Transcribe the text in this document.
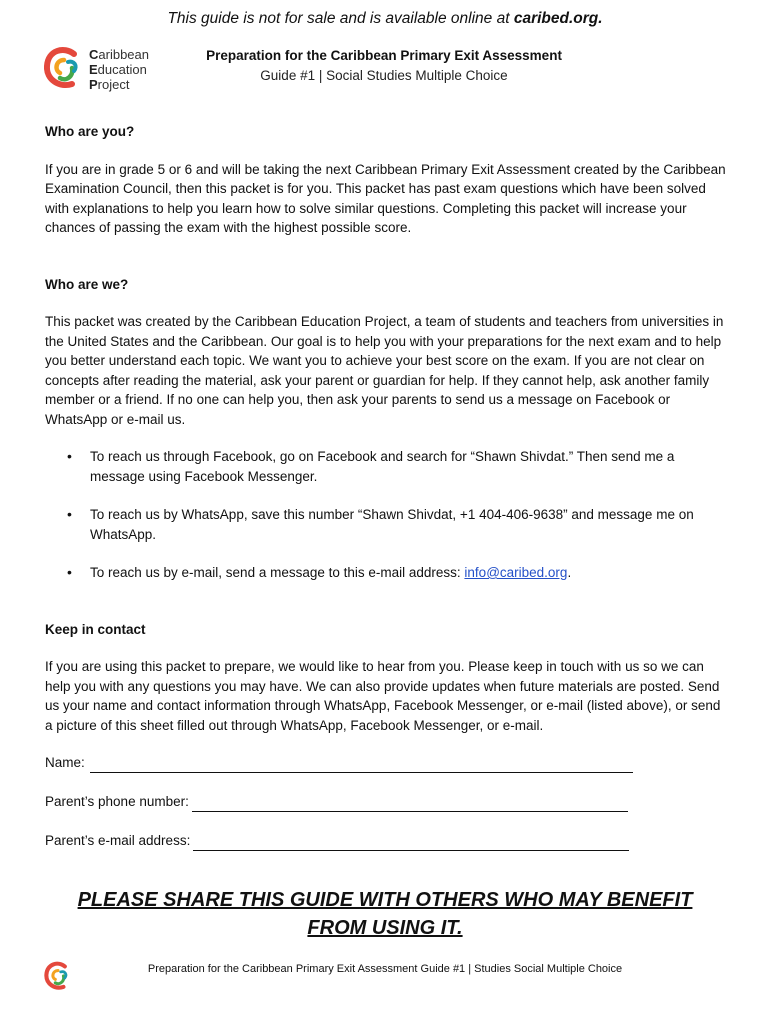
This guide is not for sale and is available online at caribed.org.
Caribbean
Education
Project
Preparation for the Caribbean Primary Exit Assessment
Guide #1 | Social Studies Multiple Choice
Who are you?

If you are in grade 5 or 6 and will be taking the next Caribbean Primary Exit Assessment created by the Caribbean Examination Council, then this packet is for you. This packet has past exam questions which have been solved with explanations to help you learn how to solve similar questions. Completing this packet will increase your chances of passing the exam with the highest possible score.

Who are we?

This packet was created by the Caribbean Education Project, a team of students and teachers from universities in the United States and the Caribbean. Our goal is to help you with your preparations for the next exam and to help you better understand each topic. We want you to achieve your best score on the exam. If you are not clear on concepts after reading the material, ask your parent or guardian for help. If they cannot help, ask another family member or a friend. If no one can help you, then ask your parents to send us a message on Facebook or WhatsApp or e-mail us.

• To reach us through Facebook, go on Facebook and search for “Shawn Shivdat.” Then send me a message using Facebook Messenger.
• To reach us by WhatsApp, save this number “Shawn Shivdat, +1 404-406-9638” and message me on WhatsApp.
• To reach us by e-mail, send a message to this e-mail address: info@caribed.org.
Keep in contact

If you are using this packet to prepare, we would like to hear from you. Please keep in touch with us so we can help you with any questions you may have. We can also provide updates when future materials are posted. Send us your name and contact information through WhatsApp, Facebook Messenger, or e-mail (listed above), or send a picture of this sheet filled out through WhatsApp, Facebook Messenger, or e-mail.

Name:
Parent’s phone number:
Parent’s e-mail address:
PLEASE SHARE THIS GUIDE WITH OTHERS WHO MAY BENEFIT
FROM USING IT.
Preparation for the Caribbean Primary Exit Assessment Guide #1 | Studies Social Multiple Choice
